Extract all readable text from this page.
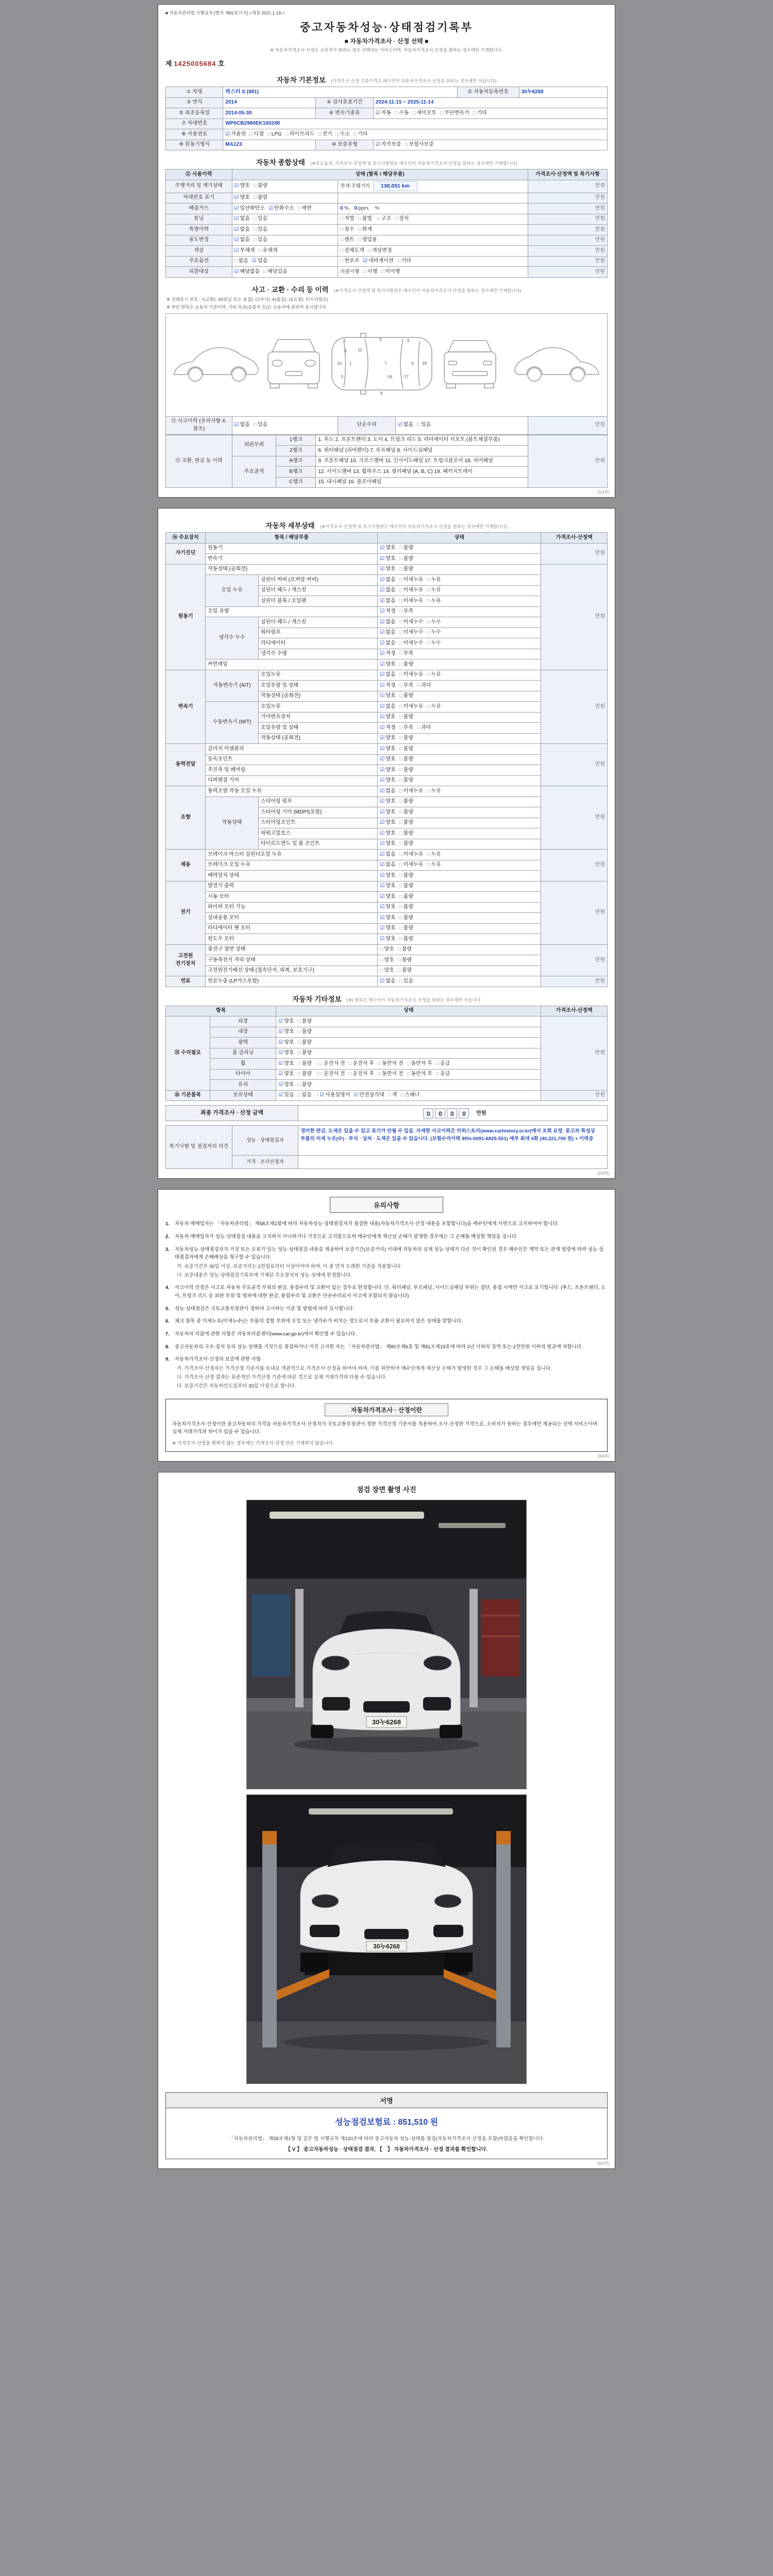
■ 자동차관리법 시행규칙 [별지 제82호서식] <개정 2021.1.19.>
중고자동차성능·상태점검기록부
■ 자동차가격조사 · 산정 선택 ■
※ 자동차가격조사·산정은 소비자가 원하는 경우 선택하는 서비스이며, 자동차가격조사·산정을 원하는 경우에만 기재합니다.
제 1425005684 호
자동차 기본정보 (가격조사·산정 기준가격은 매수인이 자동차가격조사·산정을 원하는 경우에만 적습니다)
① 차명	박스터 S (981)			② 자동차등록번호	30누6268
③ 연식	2014	④ 검사유효기간	2024-11-15 ~ 2025-11-14		
⑤ 최초등록일	2014-05-30	⑥ 변속기종류	☑ 자동 □ 수동 □ 세미오토 □ 무단변속기 □ 기타		
⑦ 차대번호	WP0CB2980EK160248				
⑧ 사용연료	☑ 가솔린 □ 디젤 □ LPG □ 하이브리드 □ 전기 □ 수소 □ 기타				
⑨ 원동기형식	MA123	⑩ 보증유형	☑ 자가보증 □ 보험사보증		
자동차 종합상태 (※주요옵션, 가격조사·산정액 및 특기사항란은 매수인이 자동차가격조사·산정을 원하는 경우에만 기재합니다)
⑪ 사용이력	상태 (항목 / 해당부품)		가격조사·산정액 및 특기사항
주행거리 및 계기상태	☑ 양호 □ 불량	현재 주행거리 138,051 km	만원
차대번호 표기	☑ 양호 □ 불량		만원
배출가스	☑ 일산화탄소 ☑ 탄화수소 □ 매연	0 %, 0 ppm, %	만원
튜닝	☑ 없음 □ 있음	□ 적법 □ 불법 □ 구조 □ 장치	만원
특별이력	☑ 없음 □ 있음	□ 침수 □ 화재	만원
용도변경	☑ 없음 □ 있음	□ 렌트 □ 영업용	만원
색상	☑ 무채색 □ 유채색	□ 전체도색 □ 색상변경	만원
주요옵션	□ 없음 ☑ 있음	□ 썬루프 ☑ 네비게이션 □ 기타	만원
리콜대상	☑ 해당없음 □ 해당있음	리콜이행 □ 이행 □ 미이행	만원
사고 · 교환 · 수리 등 이력 (※가격조사·산정액 및 특기사항란은 매수인이 자동차가격조사·산정을 원하는 경우에만 기재합니다)
※ 상태표시 부호 : ×(교환), W(판금 또는 용접), C(부식), A(흠집), U(요철), T(수리필요)
※ 하단 항목은 승용차 기준이며, 기타 차종(승합차 등)은 승용차에 준하여 표시합니다.
10
9
1
2
11
5
3
7
8
16
6
4
17
18
⑫ 사고이력 (유의사항 4. 참조)	☑ 없음 □ 있음	단순수리	☑ 없음 □ 있음	만원
⑬ 교환, 판금 등 이력	외판부위	1랭크	1. 후드 2. 프론트펜더 3. 도어 4. 트렁크 리드 5. 라디에이터 서포트 (볼트체결부품)	만원
		2랭크	6. 쿼터패널 (리어펜더) 7. 루프패널 8. 사이드실패널	
	주요골격	A랭크	9. 프론트패널 10. 크로스멤버 11. 인사이드패널 17. 트렁크플로어 18. 리어패널	
		B랭크	12. 사이드멤버 13. 휠하우스 14. 필러패널 (A, B, C) 19. 패키지트레이	
		C랭크	15. 대시패널 16. 플로어패널	
(1/4쪽)
자동차 세부상태 (※가격조사·산정액 및 특기사항란은 매수인이 자동차가격조사·산정을 원하는 경우에만 기재합니다)
⑭ 주요장치	항목 / 해당부품		상태	가격조사·산정액
자기진단	원동기		☑ 양호 □ 불량	만원
	변속기		☑ 양호 □ 불량	
원동기	작동상태 (공회전)		☑ 양호 □ 불량	만원
	오일 누유	실린더 커버 (로커암 커버)	☑ 없음 □ 미세누유 □ 누유	
		실린더 헤드 / 개스킷	☑ 없음 □ 미세누유 □ 누유	
		실린더 블록 / 오일팬	☑ 없음 □ 미세누유 □ 누유	
	오일 유량		☑ 적정 □ 부족	
	냉각수 누수	실린더 헤드 / 개스킷	☑ 없음 □ 미세누수 □ 누수	
		워터펌프	☑ 없음 □ 미세누수 □ 누수	
		라디에이터	☑ 없음 □ 미세누수 □ 누수	
		냉각수 수량	☑ 적정 □ 부족	
	커먼레일		☑ 양호 □ 불량	
변속기	자동변속기 (A/T)	오일누유	☑ 없음 □ 미세누유 □ 누유	만원
		오일유량 및 상태	☑ 적정 □ 부족 □ 과다	
		작동상태 (공회전)	☑ 양호 □ 불량	
	수동변속기 (M/T)	오일누유	☑ 없음 □ 미세누유 □ 누유	
		기어변속장치	☑ 양호 □ 불량	
		오일유량 및 상태	☑ 적정 □ 부족 □ 과다	
		작동상태 (공회전)	☑ 양호 □ 불량	
동력전달	클러치 어셈블리		☑ 양호 □ 불량	만원
	등속조인트		☑ 양호 □ 불량	
	추진축 및 베어링		☑ 양호 □ 불량	
	디퍼렌셜 기어		☑ 양호 □ 불량	
조향	동력조향 작동 오일 누유		☑ 없음 □ 미세누유 □ 누유	만원
	작동상태	스티어링 펌프	☑ 양호 □ 불량	
		스티어링 기어 (MDPS포함)	☑ 양호 □ 불량	
		스티어링조인트	☑ 양호 □ 불량	
		파워고압호스	☑ 양호 □ 불량	
		타이로드엔드 및 볼 조인트	☑ 양호 □ 불량	
제동	브레이크 마스터 실린더오일 누유		☑ 없음 □ 미세누유 □ 누유	만원
	브레이크 오일 누유		☑ 없음 □ 미세누유 □ 누유	
	배력장치 상태		☑ 양호 □ 불량	
전기	발전기 출력		☑ 양호 □ 불량	만원
	시동 모터		☑ 양호 □ 불량	
	와이퍼 모터 기능		☑ 양호 □ 불량	
	실내송풍 모터		☑ 양호 □ 불량	
	라디에이터 팬 모터		☑ 양호 □ 불량	
	윈도우 모터		☑ 양호 □ 불량	
고전원 전기장치	충전구 절연 상태		□ 양호 □ 불량	만원
	구동축전지 격리 상태		□ 양호 □ 불량	
	고전원전기배선 상태 (접속단자, 피복, 보호기구)		□ 양호 □ 불량	
연료	연료누출 (LP가스포함)		☑ 없음 □ 있음	만원
자동차 기타정보 (※) 항목은 매수인이 자동차가격조사·산정을 원하는 경우에만 적습니다
항목		상태	가격조사·산정액
⑮ 수리필요	외장	☑ 양호 □ 불량	만원
	내장	☑ 양호 □ 불량	
	광택	☑ 양호 □ 불량	
	룸 클리닝	☑ 양호 □ 불량	
	휠	☑ 양호 □ 불량 | □ 운전석 전 □ 운전석 후 □ 동반석 전 □ 동반석 후 □ 응급	
	타이어	☑ 양호 □ 불량 | □ 운전석 전 □ 운전석 후 □ 동반석 전 □ 동반석 후 □ 응급	
	유리	☑ 양호 □ 불량	
⑯ 기본품목	보유상태	☑ 있음 □ 없음 | ☑ 사용설명서 ☑ 안전삼각대 □ 잭 □ 스패너	만원
최종 가격조사 · 산정 금액	0 0 0 0 만원
특기사항 및 점검자의 의견	성능 · 상태점검자	경미한 판금, 도색은 있을 수 있고 표기가 안될 수 있음. 자세한 사고이력은 카히스토리(www.carhistory.or.kr)에서 조회 요망. 중고차 특성상 부품의 미세 누유(수) · 부식 · 상처 · 도색은 있을 수 있습니다. (보험수리이력 95%-0091-6825-551) 세부 최대 4회 (40,321,700 원) + 이력증
	가격 · 조사산정자	
(2/4쪽)
유의사항
1.	자동차 매매업자는 「자동차관리법」 제58조제1항에 따라 자동차성능·상태점검자가 점검한 내용(자동차가격조사·산정 내용을 포함합니다)을 매수인에게 서면으로 고지하여야 합니다.
2.	자동차 매매업자가 성능·상태점검 내용을 고지하지 아니하거나 거짓으로 고지함으로써 매수인에게 재산상 손해가 발생한 경우에는 그 손해를 배상할 책임을 집니다.
3.	자동차성능·상태점검자가 거짓 또는 오류가 있는 성능·상태점검 내용을 제공하여 보증기간(보증거리) 이내에 자동차의 실제 성능·상태가 다른 것이 확인된 경우 매수인은 계약 또는 관계 법령에 따라 성능·상태점검자에게 손해배상을 청구할 수 있습니다.
가. 보증기간은 30일 이상, 보증거리는 2천킬로미터 이상이어야 하며, 이 중 먼저 도래한 기준을 적용합니다.
나. 보증내용은 성능·상태점검기록부에 기재된 주요장치의 성능·상태에 한정합니다.
4.	사고이력 인정은 사고로 자동차 주요골격 부위의 판금, 용접수리 및 교환이 있는 경우로 한정합니다. 단, 쿼터패널, 루프패널, 사이드실패널 부위는 절단, 용접 시에만 사고로 표기합니다. (후드, 프론트펜더, 도어, 트렁크 리드 등 외판 부위 및 범퍼에 대한 판금, 용접수리 및 교환은 단순수리로서 사고에 포함되지 않습니다)
5.	성능·상태점검은 국토교통부장관이 정하여 고시하는 기준 및 방법에 따라 실시합니다.
6.	체크 항목 중 미세누유(미세누수)는 부품의 결합 부위에 오일 또는 냉각수가 비치는 정도로서 부품 교환이 필요하지 않은 상태를 말합니다.
7.	자동차의 리콜에 관한 사항은 자동차리콜센터(www.car.go.kr)에서 확인할 수 있습니다.
8.	중고자동차의 구조·장치 등의 성능·상태를 거짓으로 점검하거나 거짓 고지한 자는 「자동차관리법」 제80조제6호 및 제81조제19호에 따라 2년 이하의 징역 또는 2천만원 이하의 벌금에 처합니다.
9.	자동차가격조사·산정의 보증에 관한 사항
가. 가격조사·산정자는 가격산정 기준서를 토대로 객관적으로 가격조사·산정을 하여야 하며, 이를 위반하여 매수인에게 재산상 손해가 발생한 경우 그 손해를 배상할 책임을 집니다.
나. 가격조사·산정 결과는 표준적인 가격산정 기준에 따른 것으로 실제 거래가격과 다를 수 있습니다.
다. 보증기간은 자동차인도일부터 30일 이상으로 합니다.
자동차가격조사 · 산정이란
자동차가격조사·산정이란 중고자동차의 가격을 자동차가격조사·산정자가 국토교통부장관이 정한 가격산정 기준서를 적용하여 조사·산정한 가격으로, 소비자가 원하는 경우에만 제공되는 선택 서비스이며 실제 거래가격과 차이가 있을 수 있습니다.
※ 가격조사·산정을 원하지 않는 경우에는 가격조사·산정 란은 기재하지 않습니다.
(3/4쪽)
점검 장면 촬영 사진
30누6268
30누6268
서명
성능점검보험료 : 851,510 원
「자동차관리법」 제58조제1항 및 같은 법 시행규칙 제120조에 따라 중고자동차 성능·상태를 점검(자동차가격조사·산정을 포함)하였음을 확인합니다.
【 V 】 중고자동차성능 · 상태점검 결과, 【　】 자동차가격조사 · 산정 결과를 확인합니다.
(4/4쪽)
